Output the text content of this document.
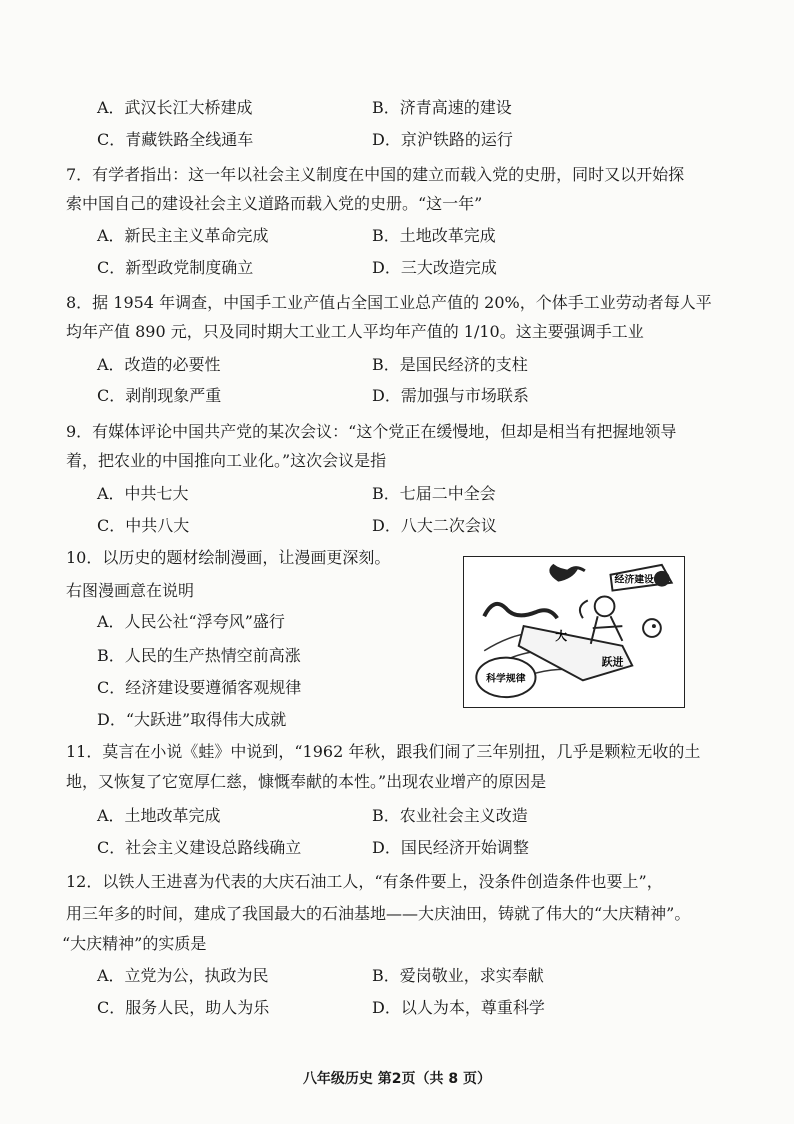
A．武汉长江大桥建成	B．济青高速的建设
C．青藏铁路全线通车	D．京沪铁路的运行
7．有学者指出：这一年以社会主义制度在中国的建立而载入党的史册，同时又以开始探
索中国自己的建设社会主义道路而载入党的史册。“这一年”
A．新民主主义革命完成	B．土地改革完成
C．新型政党制度确立	D．三大改造完成
8．据 1954 年调查，中国手工业产值占全国工业总产值的 20%，个体手工业劳动者每人平
均年产值 890 元，只及同时期大工业工人平均年产值的 1/10。这主要强调手工业
A．改造的必要性	B．是国民经济的支柱
C．剥削现象严重	D．需加强与市场联系
9．有媒体评论中国共产党的某次会议：“这个党正在缓慢地，但却是相当有把握地领导
着，把农业的中国推向工业化。”这次会议是指
A．中共七大	B．七届二中全会
C．中共八大	D．八大二次会议
10．以历史的题材绘制漫画，让漫画更深刻。
右图漫画意在说明
A．人民公社“浮夸风”盛行
B．人民的生产热情空前高涨
C．经济建设要遵循客观规律
D．“大跃进”取得伟大成就
科学规律
经济建设
大
跃进
11．莫言在小说《蛙》中说到，“1962 年秋，跟我们闹了三年别扭，几乎是颗粒无收的土
地，又恢复了它宽厚仁慈，慷慨奉献的本性。”出现农业增产的原因是
A．土地改革完成	B．农业社会主义改造
C．社会主义建设总路线确立	D．国民经济开始调整
12．以铁人王进喜为代表的大庆石油工人，“有条件要上，没条件创造条件也要上”，
用三年多的时间，建成了我国最大的石油基地——大庆油田，铸就了伟大的“大庆精神”。
“大庆精神”的实质是
A．立党为公，执政为民	B．爱岗敬业，求实奉献
C．服务人民，助人为乐	D．以人为本，尊重科学
八年级历史 第2页（共 8 页）
